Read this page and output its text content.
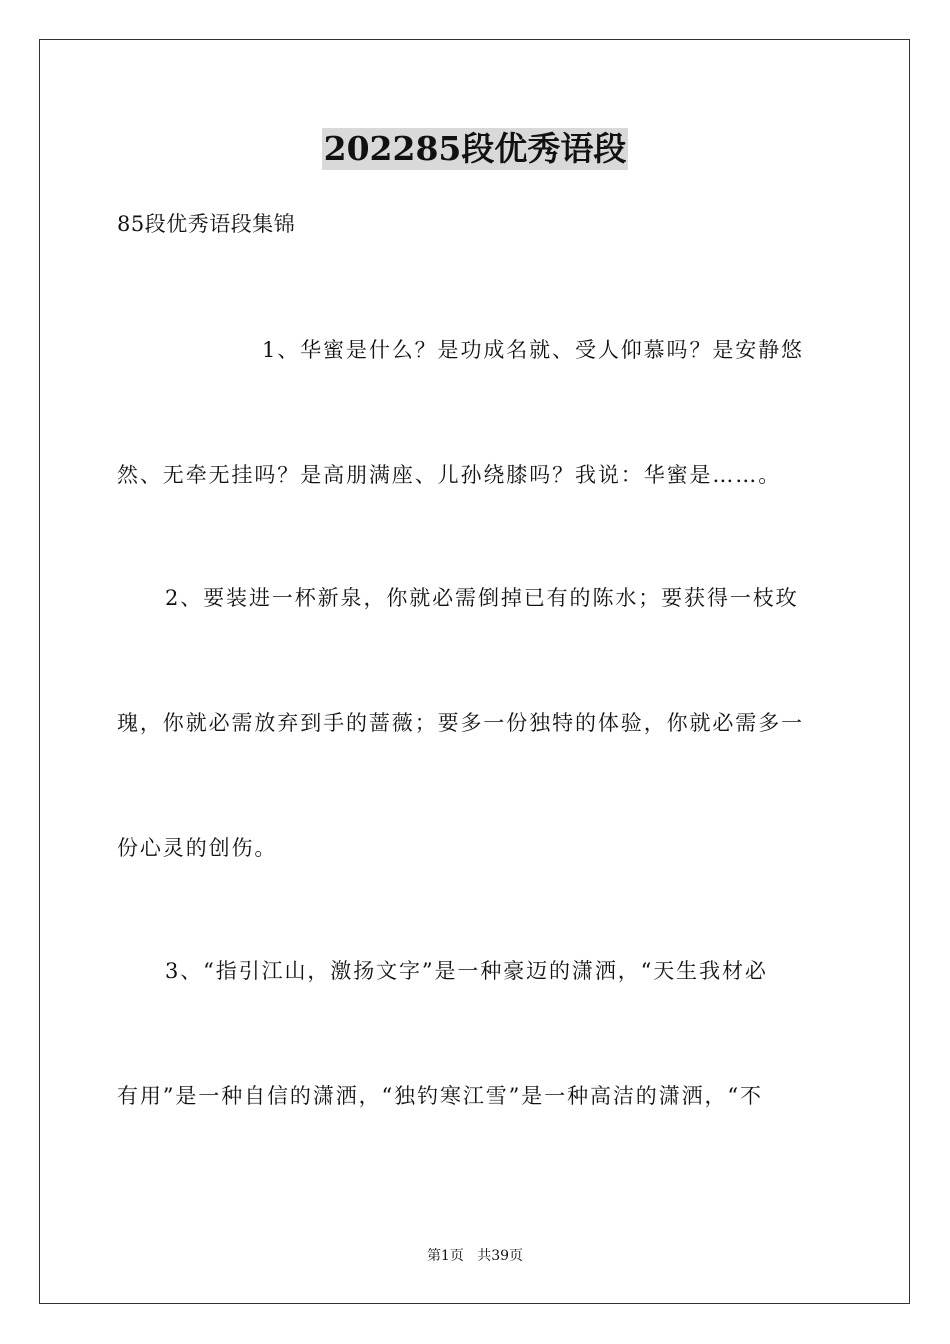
202285段优秀语段
85段优秀语段集锦
1、华蜜是什么？是功成名就、受人仰慕吗？是安静悠
然、无牵无挂吗？是高朋满座、儿孙绕膝吗？我说：华蜜是……。
2、要装进一杯新泉，你就必需倒掉已有的陈水；要获得一枝玫
瑰，你就必需放弃到手的蔷薇；要多一份独特的体验，你就必需多一
份心灵的创伤。
3、“指引江山，激扬文字”是一种豪迈的潇洒，“天生我材必
有用”是一种自信的潇洒，“独钓寒江雪”是一种高洁的潇洒，“不
第1页 共39页
